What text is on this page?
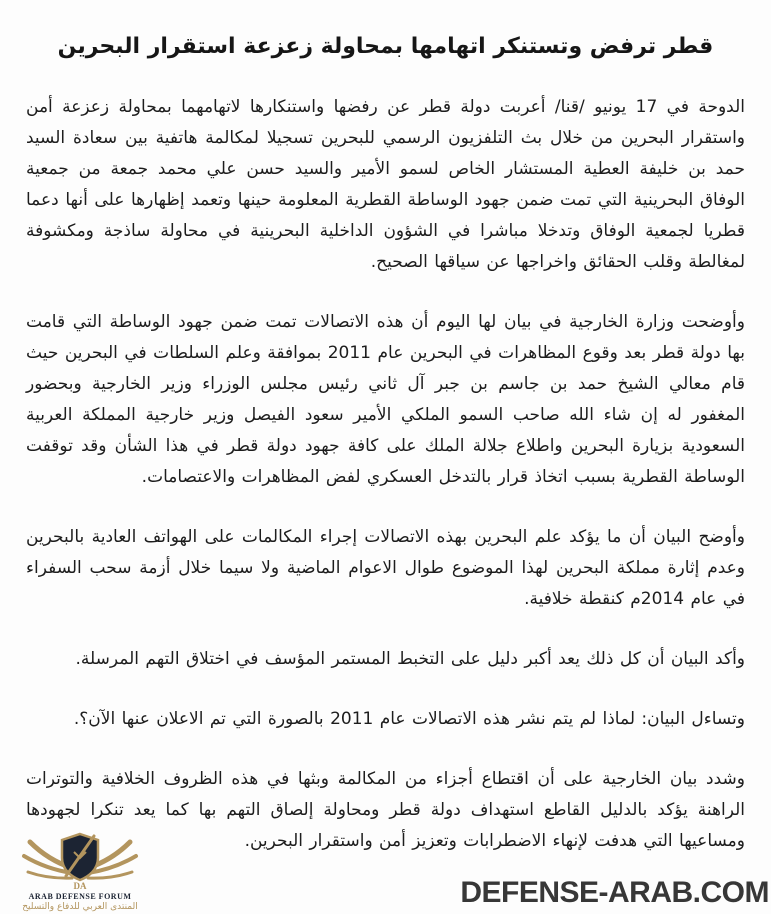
قطر ترفض وتستنكر اتهامها بمحاولة زعزعة استقرار البحرين

الدوحة في 17 يونيو /قنا/ أعربت دولة قطر عن رفضها واستنكارها لاتهامهما بمحاولة زعزعة أمن واستقرار البحرين من خلال بث التلفزيون الرسمي للبحرين تسجيلا لمكالمة هاتفية بين سعادة السيد حمد بن خليفة العطية المستشار الخاص لسمو الأمير والسيد حسن علي محمد جمعة من جمعية الوفاق البحرينية التي تمت ضمن جهود الوساطة القطرية المعلومة حينها وتعمد إظهارها على أنها دعما قطريا لجمعية الوفاق وتدخلا مباشرا في الشؤون الداخلية البحرينية في محاولة ساذجة ومكشوفة لمغالطة وقلب الحقائق واخراجها عن سياقها الصحيح.

وأوضحت وزارة الخارجية في بيان لها اليوم أن هذه الاتصالات تمت ضمن جهود الوساطة التي قامت بها دولة قطر بعد وقوع المظاهرات في البحرين عام 2011 بموافقة وعلم السلطات في البحرين حيث قام معالي الشيخ حمد بن جاسم بن جبر آل ثاني رئيس مجلس الوزراء وزير الخارجية وبحضور المغفور له إن شاء الله صاحب السمو الملكي الأمير سعود الفيصل وزير خارجية المملكة العربية السعودية بزيارة البحرين واطلاع جلالة الملك على كافة جهود دولة قطر في هذا الشأن وقد توقفت الوساطة القطرية بسبب اتخاذ قرار بالتدخل العسكري لفض المظاهرات والاعتصامات.

وأوضح البيان أن ما يؤكد علم البحرين بهذه الاتصالات إجراء المكالمات على الهواتف العادية بالبحرين وعدم إثارة مملكة البحرين لهذا الموضوع طوال الاعوام الماضية ولا سيما خلال أزمة سحب السفراء في عام 2014م كنقطة خلافية.

وأكد البيان أن كل ذلك يعد أكبر دليل على التخبط المستمر المؤسف في اختلاق التهم المرسلة.

وتساءل البيان: لماذا لم يتم نشر هذه الاتصالات عام 2011 بالصورة التي تم الاعلان عنها الآن؟.

وشدد بيان الخارجية على أن اقتطاع أجزاء من المكالمة وبثها في هذه الظروف الخلافية والتوترات الراهنة يؤكد بالدليل القاطع استهداف دولة قطر ومحاولة إلصاق التهم بها كما يعد تنكرا لجهودها ومساعيها التي هدفت لإنهاء الاضطرابات وتعزيز أمن واستقرار البحرين.

DA
ARAB DEFENSE FORUM
المنتدى العربي للدفاع والتسليح	DEFENSE-ARAB.COM
